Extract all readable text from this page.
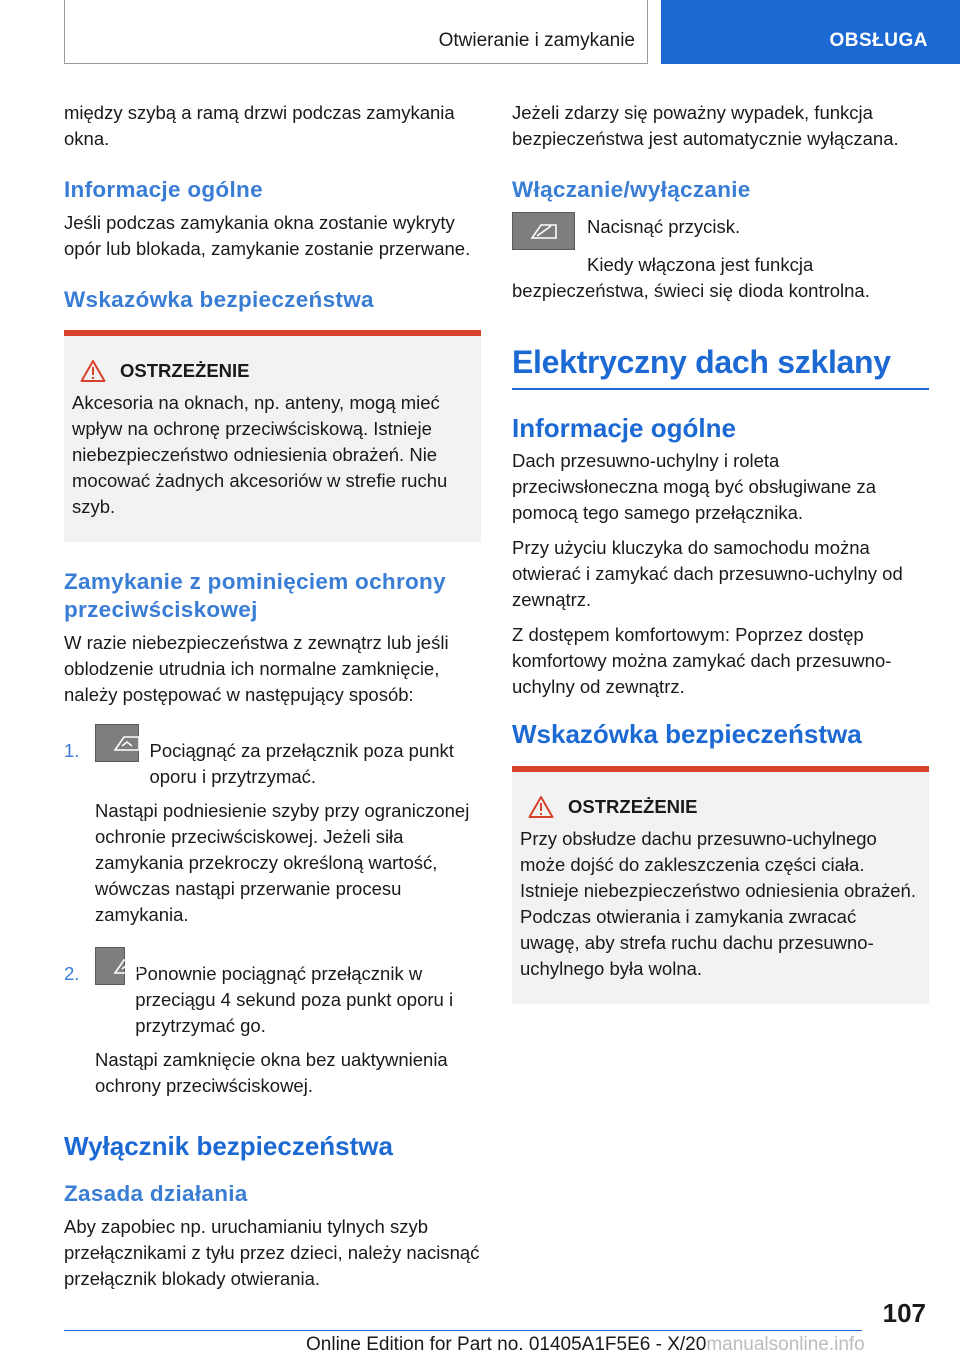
Otwieranie i zamykanie	OBSŁUGA

między szybą a ramą drzwi podczas zamykania okna.

Informacje ogólne

Jeśli podczas zamykania okna zostanie wykryty opór lub blokada, zamykanie zostanie przerwane.

Wskazówka bezpieczeństwa
OSTRZEŻENIE

Akcesoria na oknach, np. anteny, mogą mieć wpływ na ochronę przeciwściskową. Istnieje niebezpieczeństwo odniesienia obrażeń. Nie mocować żadnych akcesoriów w strefie ruchu szyb.

Zamykanie z pominięciem ochrony przeciwściskowej

W razie niebezpieczeństwa z zewnątrz lub jeśli oblodzenie utrudnia ich normalne zamknięcie, należy postępować w następujący sposób:

1.	Pociągnąć za przełącznik poza punkt oporu i przytrzymać.

Nastąpi podniesienie szyby przy ograniczonej ochronie przeciwściskowej. Jeżeli siła zamykania przekroczy określoną wartość, wówczas nastąpi przerwanie procesu zamykania.

2.	Ponownie pociągnąć przełącznik w przeciągu 4 sekund poza punkt oporu i przytrzymać go.

Nastąpi zamknięcie okna bez uaktywnienia ochrony przeciwściskowej.

Wyłącznik bezpieczeństwa
Zasada działania

Aby zapobiec np. uruchamianiu tylnych szyb przełącznikami z tyłu przez dzieci, należy nacisnąć przełącznik blokady otwierania.

Jeżeli zdarzy się poważny wypadek, funkcja bezpieczeństwa jest automatycznie wyłączana.

Włączanie/wyłączanie
Nacisnąć przycisk.

Kiedy włączona jest funkcja bezpieczeństwa, świeci się dioda kontrolna.

Elektryczny dach szklany
Informacje ogólne

Dach przesuwno-uchylny i roleta przeciwsłoneczna mogą być obsługiwane za pomocą tego samego przełącznika.

Przy użyciu kluczyka do samochodu można otwierać i zamykać dach przesuwno-uchylny od zewnątrz.

Z dostępem komfortowym: Poprzez dostęp komfortowy można zamykać dach przesuwno-uchylny od zewnątrz.

Wskazówka bezpieczeństwa
OSTRZEŻENIE

Przy obsłudze dachu przesuwno-uchylnego może dojść do zakleszczenia części ciała. Istnieje niebezpieczeństwo odniesienia obrażeń. Podczas otwierania i zamykania zwracać uwagę, aby strefa ruchu dachu przesuwno-uchylnego była wolna.

107
Online Edition for Part no. 01405A1F5E6 - X/20manualsonline.info
